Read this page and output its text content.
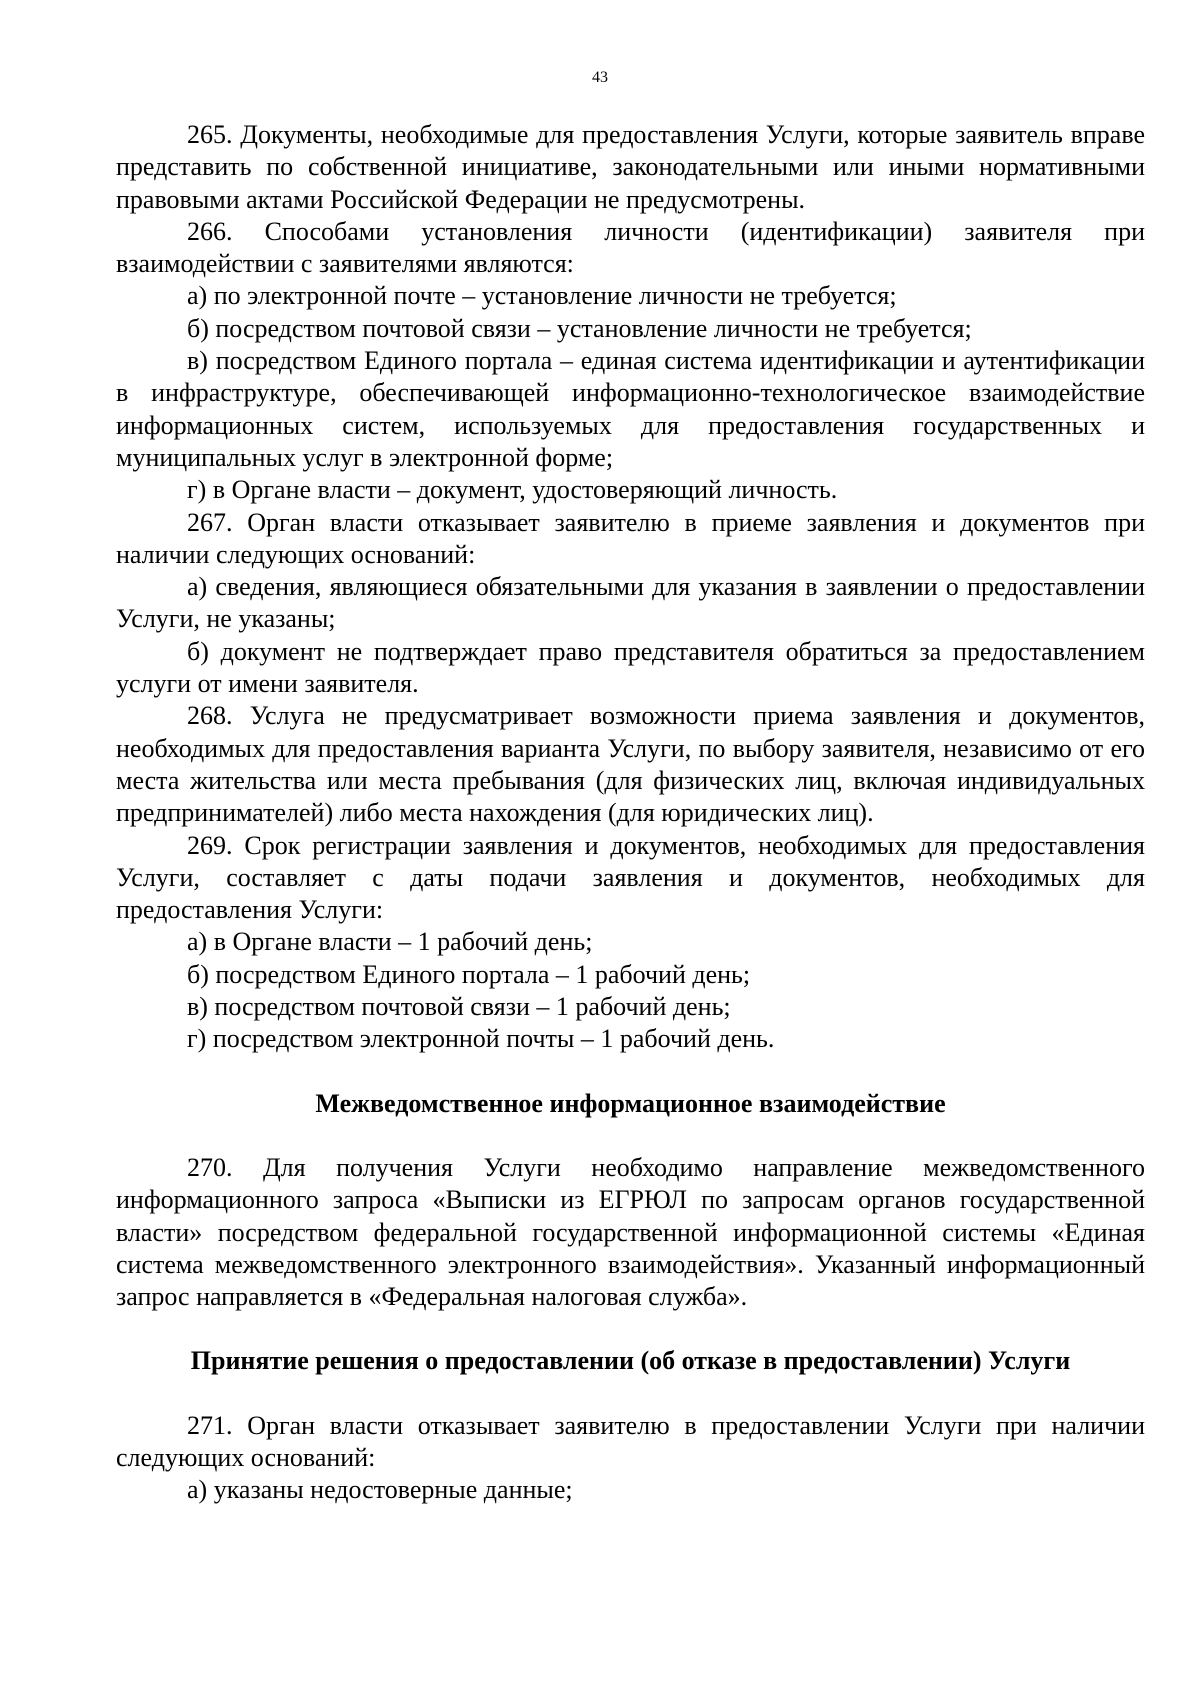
43

265. Документы, необходимые для предоставления Услуги, которые заявитель вправе представить по собственной инициативе, законодательными или иными нормативными правовыми актами Российской Федерации не предусмотрены.

266. Способами установления личности (идентификации) заявителя при взаимодействии с заявителями являются:

а) по электронной почте – установление личности не требуется;

б) посредством почтовой связи – установление личности не требуется;

в) посредством Единого портала – единая система идентификации и аутентификации в инфраструктуре, обеспечивающей информационно-технологическое взаимодействие информационных систем, используемых для предоставления государственных и муниципальных услуг в электронной форме;

г) в Органе власти – документ, удостоверяющий личность.

267. Орган власти отказывает заявителю в приеме заявления и документов при наличии следующих оснований:

а) сведения, являющиеся обязательными для указания в заявлении о предоставлении Услуги, не указаны;

б) документ не подтверждает право представителя обратиться за предоставлением услуги от имени заявителя.

268. Услуга не предусматривает возможности приема заявления и документов, необходимых для предоставления варианта Услуги, по выбору заявителя, независимо от его места жительства или места пребывания (для физических лиц, включая индивидуальных предпринимателей) либо места нахождения (для юридических лиц).

269. Срок регистрации заявления и документов, необходимых для предоставления Услуги, составляет с даты подачи заявления и документов, необходимых для предоставления Услуги:

а) в Органе власти – 1 рабочий день;

б) посредством Единого портала – 1 рабочий день;

в) посредством почтовой связи – 1 рабочий день;

г) посредством электронной почты – 1 рабочий день.

Межведомственное информационное взаимодействие

270. Для получения Услуги необходимо направление межведомственного информационного запроса «Выписки из ЕГРЮЛ по запросам органов государственной власти» посредством федеральной государственной информационной системы «Единая система межведомственного электронного взаимодействия». Указанный информационный запрос направляется в «Федеральная налоговая служба».

Принятие решения о предоставлении (об отказе в предоставлении) Услуги

271. Орган власти отказывает заявителю в предоставлении Услуги при наличии следующих оснований:

а) указаны недостоверные данные;
